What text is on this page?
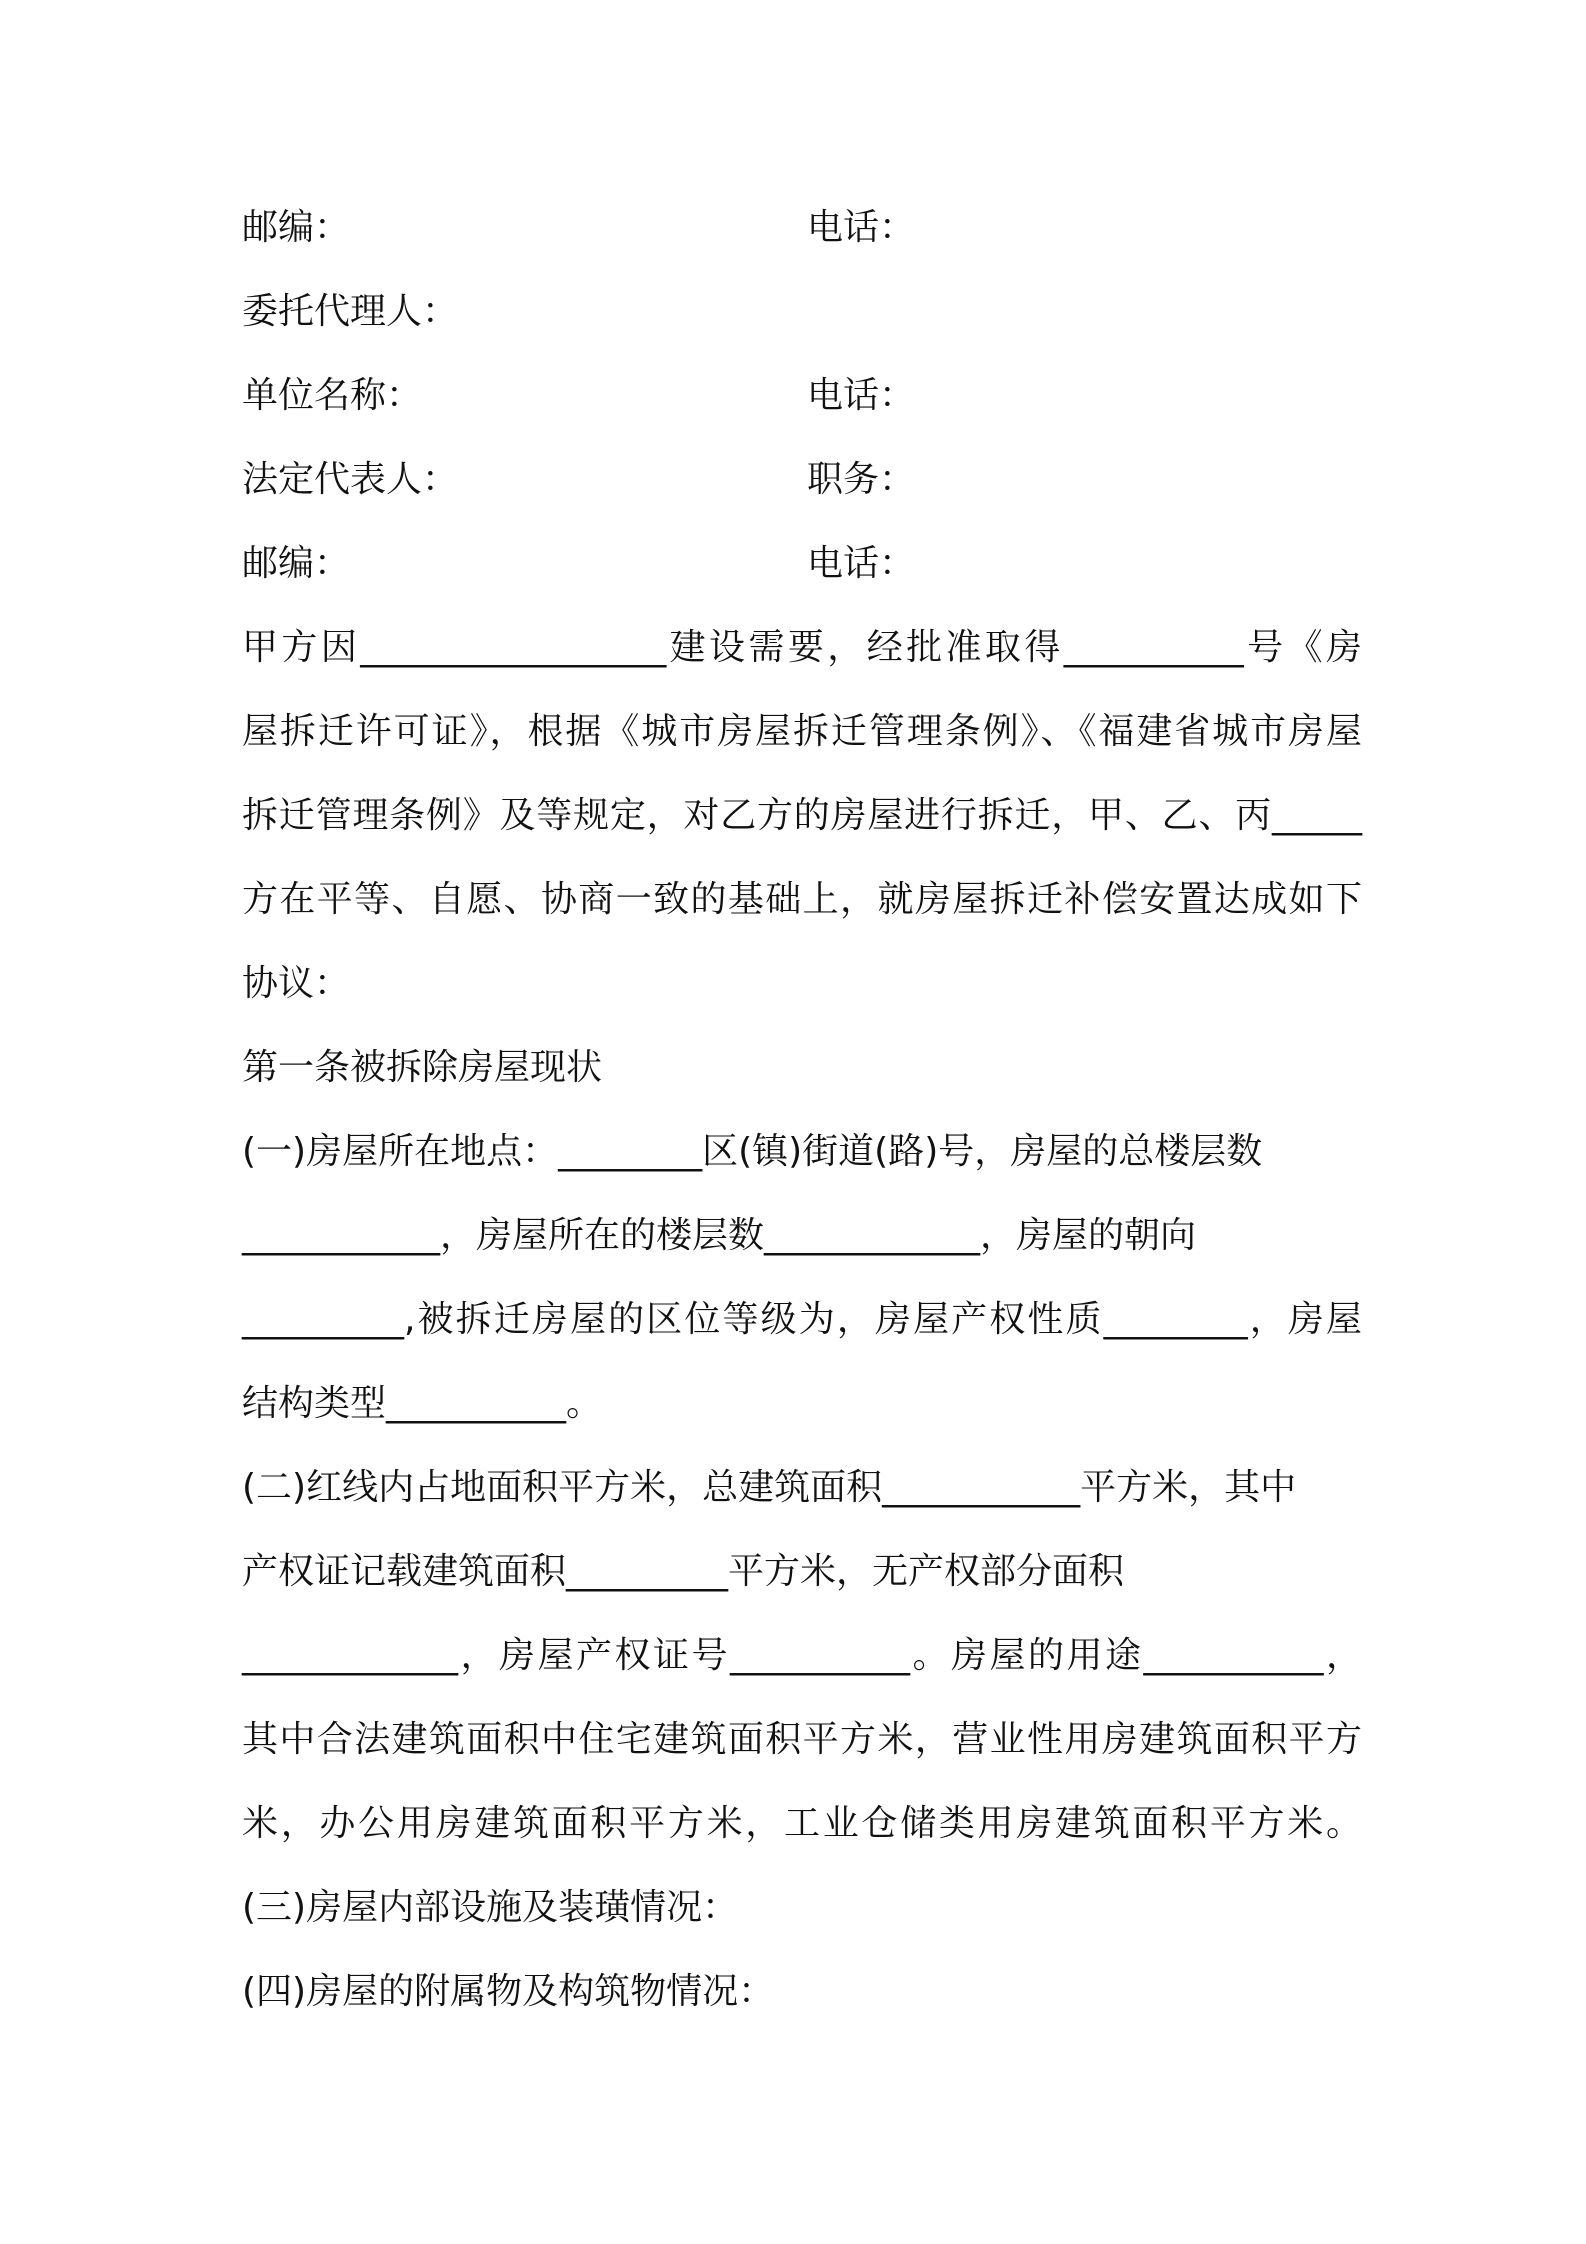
邮编：	电话：
委托代理人：
单位名称：	电话：
法定代表人：	职务：
邮编：	电话：
甲方因_________________建设需要，经批准取得__________号《房
屋拆迁许可证》，根据《城市房屋拆迁管理条例》、《福建省城市房屋
拆迁管理条例》及等规定，对乙方的房屋进行拆迁，甲、乙、丙_____
方在平等、自愿、协商一致的基础上，就房屋拆迁补偿安置达成如下
协议：
第一条被拆除房屋现状
(一)房屋所在地点：________区(镇)街道(路)号，房屋的总楼层数
___________，房屋所在的楼层数____________，房屋的朝向
_________,被拆迁房屋的区位等级为，房屋产权性质________，房屋
结构类型__________。
(二)红线内占地面积平方米，总建筑面积___________平方米，其中
产权证记载建筑面积_________平方米，无产权部分面积
____________，房屋产权证号__________。房屋的用途__________，
其中合法建筑面积中住宅建筑面积平方米，营业性用房建筑面积平方
米，办公用房建筑面积平方米，工业仓储类用房建筑面积平方米。
(三)房屋内部设施及装璜情况：
(四)房屋的附属物及构筑物情况：
